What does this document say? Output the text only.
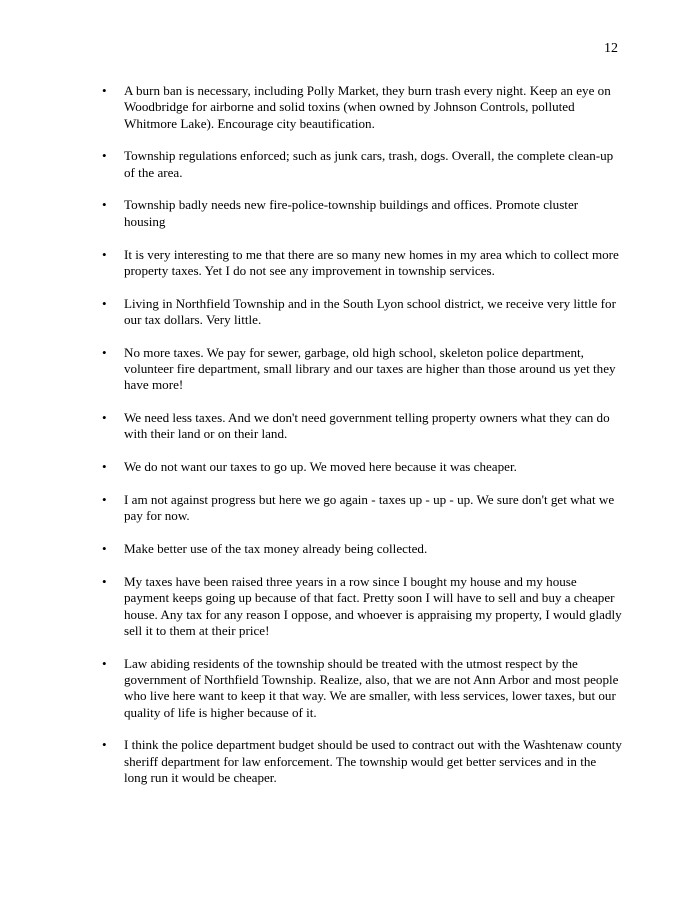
12
•	A burn ban is necessary, including Polly Market, they burn trash every night. Keep an eye on Woodbridge for airborne and solid toxins (when owned by Johnson Controls, polluted Whitmore Lake). Encourage city beautification.
•	Township regulations enforced; such as junk cars, trash, dogs. Overall, the complete clean-up of the area.
•	Township badly needs new fire-police-township buildings and offices. Promote cluster housing
•	It is very interesting to me that there are so many new homes in my area which to collect more property taxes. Yet I do not see any improvement in township services.
•	Living in Northfield Township and in the South Lyon school district, we receive very little for our tax dollars. Very little.
•	No more taxes. We pay for sewer, garbage, old high school, skeleton police department, volunteer fire department, small library and our taxes are higher than those around us yet they have more!
•	We need less taxes. And we don't need government telling property owners what they can do with their land or on their land.
•	We do not want our taxes to go up. We moved here because it was cheaper.
•	I am not against progress but here we go again - taxes up - up - up. We sure don't get what we pay for now.
•	Make better use of the tax money already being collected.
•	My taxes have been raised three years in a row since I bought my house and my house payment keeps going up because of that fact. Pretty soon I will have to sell and buy a cheaper house. Any tax for any reason I oppose, and whoever is appraising my property, I would gladly sell it to them at their price!
•	Law abiding residents of the township should be treated with the utmost respect by the government of Northfield Township. Realize, also, that we are not Ann Arbor and most people who live here want to keep it that way. We are smaller, with less services, lower taxes, but our quality of life is higher because of it.
•	I think the police department budget should be used to contract out with the Washtenaw county sheriff department for law enforcement. The township would get better services and in the long run it would be cheaper.
